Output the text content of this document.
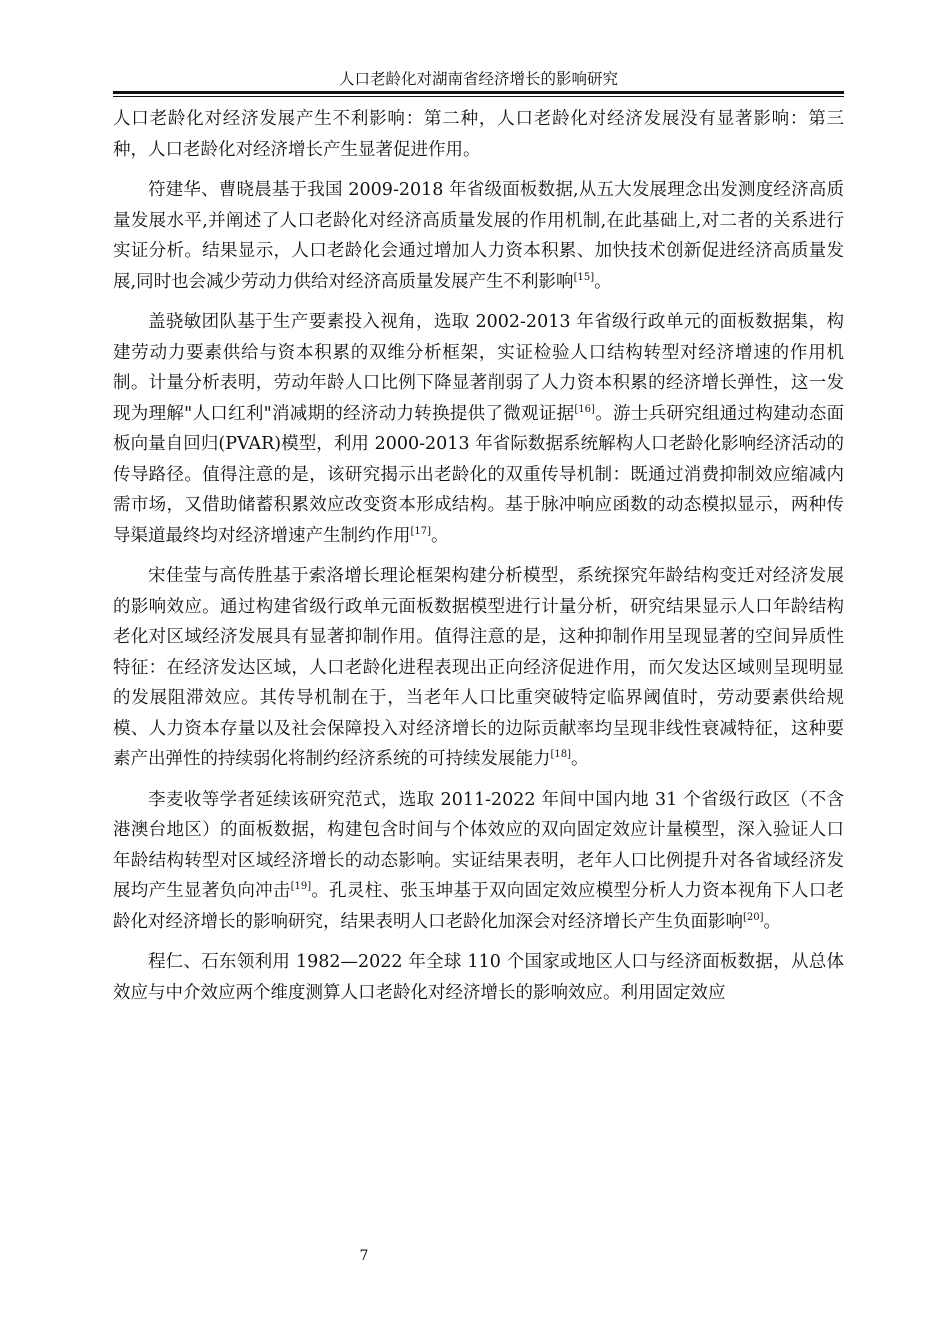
人口老龄化对湖南省经济增长的影响研究

人口老龄化对经济发展产生不利影响：第二种，人口老龄化对经济发展没有显著影响：第三种，人口老龄化对经济增长产生显著促进作用。

符建华、曹晓晨基于我国 2009-2018 年省级面板数据,从五大发展理念出发测度经济高质量发展水平,并阐述了人口老龄化对经济高质量发展的作用机制,在此基础上,对二者的关系进行实证分析。结果显示，人口老龄化会通过增加人力资本积累、加快技术创新促进经济高质量发展,同时也会减少劳动力供给对经济高质量发展产生不利影响[15]。

盖骁敏团队基于生产要素投入视角，选取 2002-2013 年省级行政单元的面板数据集，构建劳动力要素供给与资本积累的双维分析框架，实证检验人口结构转型对经济增速的作用机制。计量分析表明，劳动年龄人口比例下降显著削弱了人力资本积累的经济增长弹性，这一发现为理解"人口红利"消减期的经济动力转换提供了微观证据[16]。游士兵研究组通过构建动态面板向量自回归(PVAR)模型，利用 2000-2013 年省际数据系统解构人口老龄化影响经济活动的传导路径。值得注意的是，该研究揭示出老龄化的双重传导机制：既通过消费抑制效应缩减内需市场，又借助储蓄积累效应改变资本形成结构。基于脉冲响应函数的动态模拟显示，两种传导渠道最终均对经济增速产生制约作用[17]。

宋佳莹与高传胜基于索洛增长理论框架构建分析模型，系统探究年龄结构变迁对经济发展的影响效应。通过构建省级行政单元面板数据模型进行计量分析，研究结果显示人口年龄结构老化对区域经济发展具有显著抑制作用。值得注意的是，这种抑制作用呈现显著的空间异质性特征：在经济发达区域，人口老龄化进程表现出正向经济促进作用，而欠发达区域则呈现明显的发展阻滞效应。其传导机制在于，当老年人口比重突破特定临界阈值时，劳动要素供给规模、人力资本存量以及社会保障投入对经济增长的边际贡献率均呈现非线性衰减特征，这种要素产出弹性的持续弱化将制约经济系统的可持续发展能力[18]。

李麦收等学者延续该研究范式，选取 2011-2022 年间中国内地 31 个省级行政区（不含港澳台地区）的面板数据，构建包含时间与个体效应的双向固定效应计量模型，深入验证人口年龄结构转型对区域经济增长的动态影响。实证结果表明，老年人口比例提升对各省域经济发展均产生显著负向冲击[19]。孔灵柱、张玉坤基于双向固定效应模型分析人力资本视角下人口老龄化对经济增长的影响研究，结果表明人口老龄化加深会对经济增长产生负面影响[20]。

程仁、石东领利用 1982—2022 年全球 110 个国家或地区人口与经济面板数据，从总体效应与中介效应两个维度测算人口老龄化对经济增长的影响效应。利用固定效应

7
